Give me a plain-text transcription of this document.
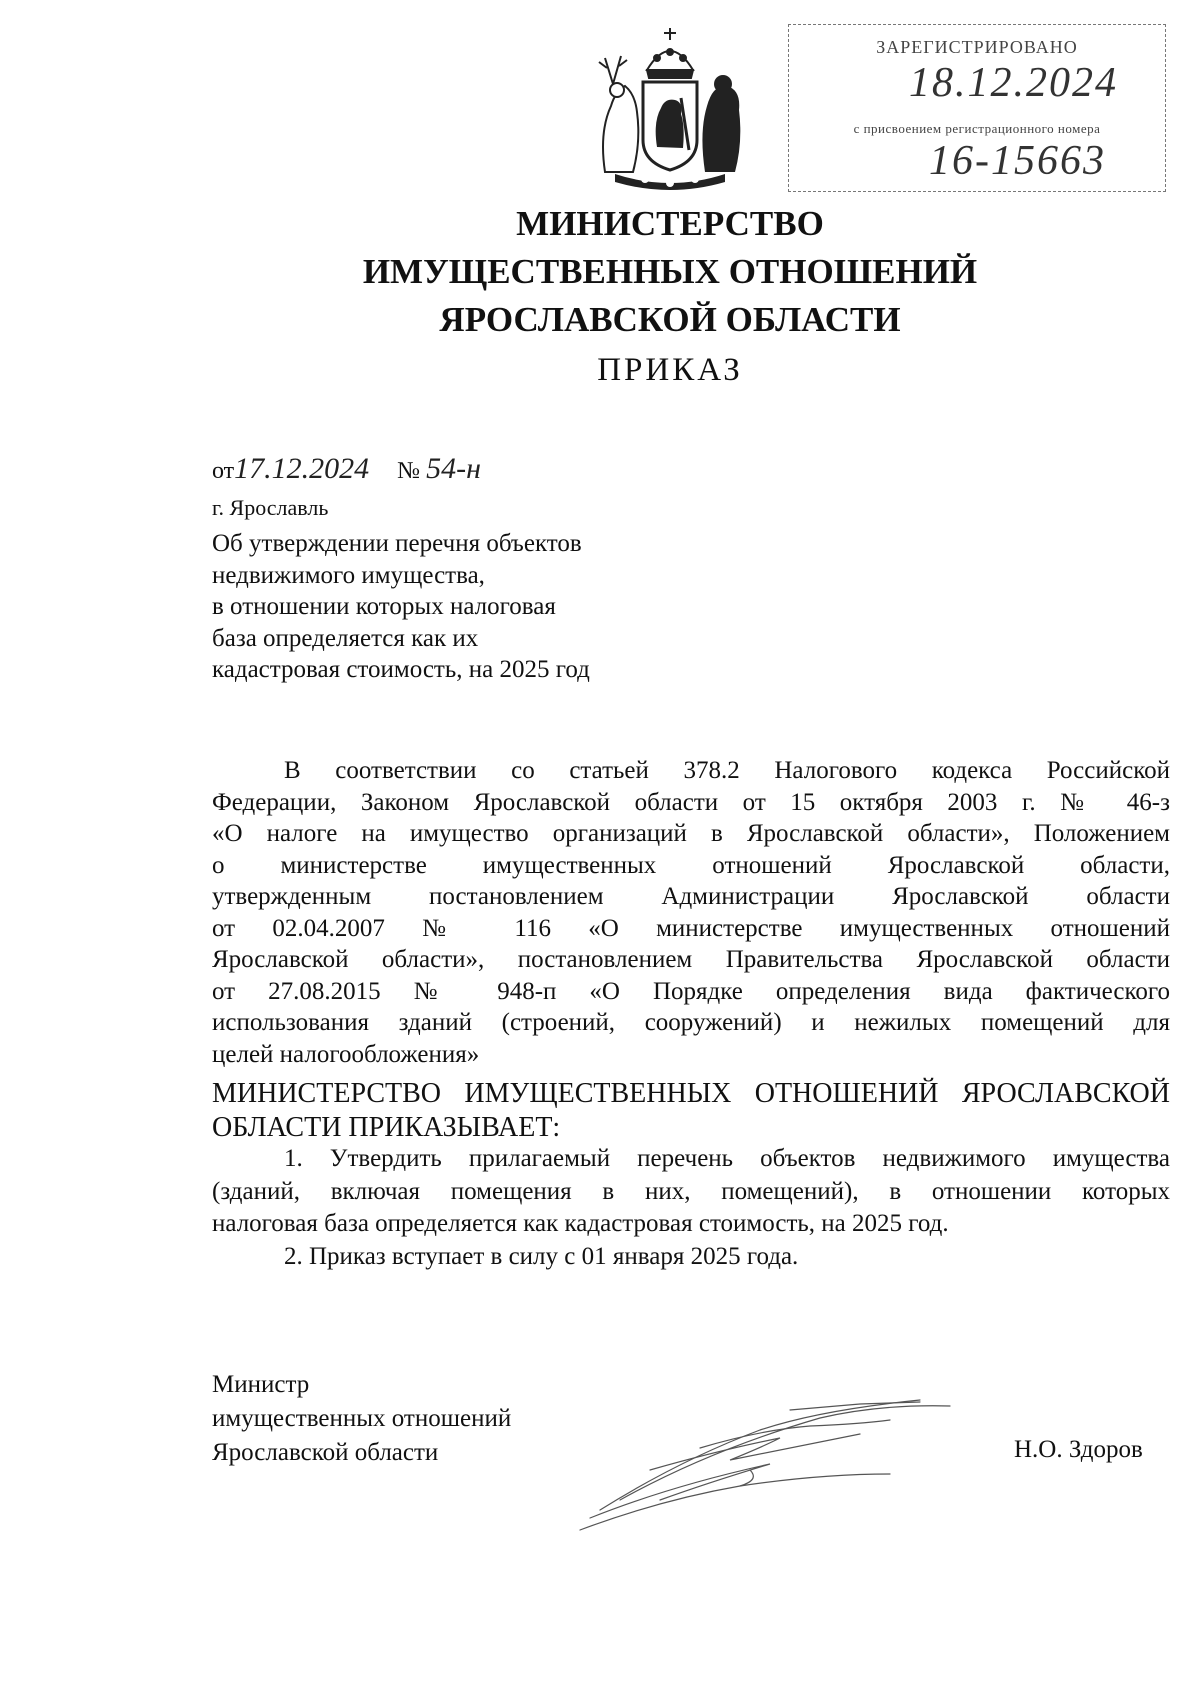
ЗАРЕГИСТРИРОВАНО
18.12.2024
с присвоением регистрационного номера
16-15663
МИНИСТЕРСТВО
ИМУЩЕСТВЕННЫХ ОТНОШЕНИЙ
ЯРОСЛАВСКОЙ ОБЛАСТИ
ПРИКАЗ
от17.12.2024 № 54-н
г. Ярославль
Об утверждении перечня объектов
недвижимого имущества,
в отношении которых налоговая
база определяется как их
кадастровая стоимость, на 2025 год
В соответствии со статьей 378.2 Налогового кодекса Российской
Федерации, Законом Ярославской области от 15 октября 2003 г. № 46-з
«О налоге на имущество организаций в Ярославской области», Положением
о министерстве имущественных отношений Ярославской области,
утвержденным постановлением Администрации Ярославской области
от 02.04.2007 № 116 «О министерстве имущественных отношений
Ярославской области», постановлением Правительства Ярославской области
от 27.08.2015 № 948-п «О Порядке определения вида фактического
использования зданий (строений, сооружений) и нежилых помещений для
целей налогообложения»
МИНИСТЕРСТВО ИМУЩЕСТВЕННЫХ ОТНОШЕНИЙ ЯРОСЛАВСКОЙ
ОБЛАСТИ ПРИКАЗЫВАЕТ:
1. Утвердить прилагаемый перечень объектов недвижимого имущества
(зданий, включая помещения в них, помещений), в отношении которых
налоговая база определяется как кадастровая стоимость, на 2025 год.
2. Приказ вступает в силу с 01 января 2025 года.
Министр
имущественных отношений
Ярославской области	Н.О. Здоров
